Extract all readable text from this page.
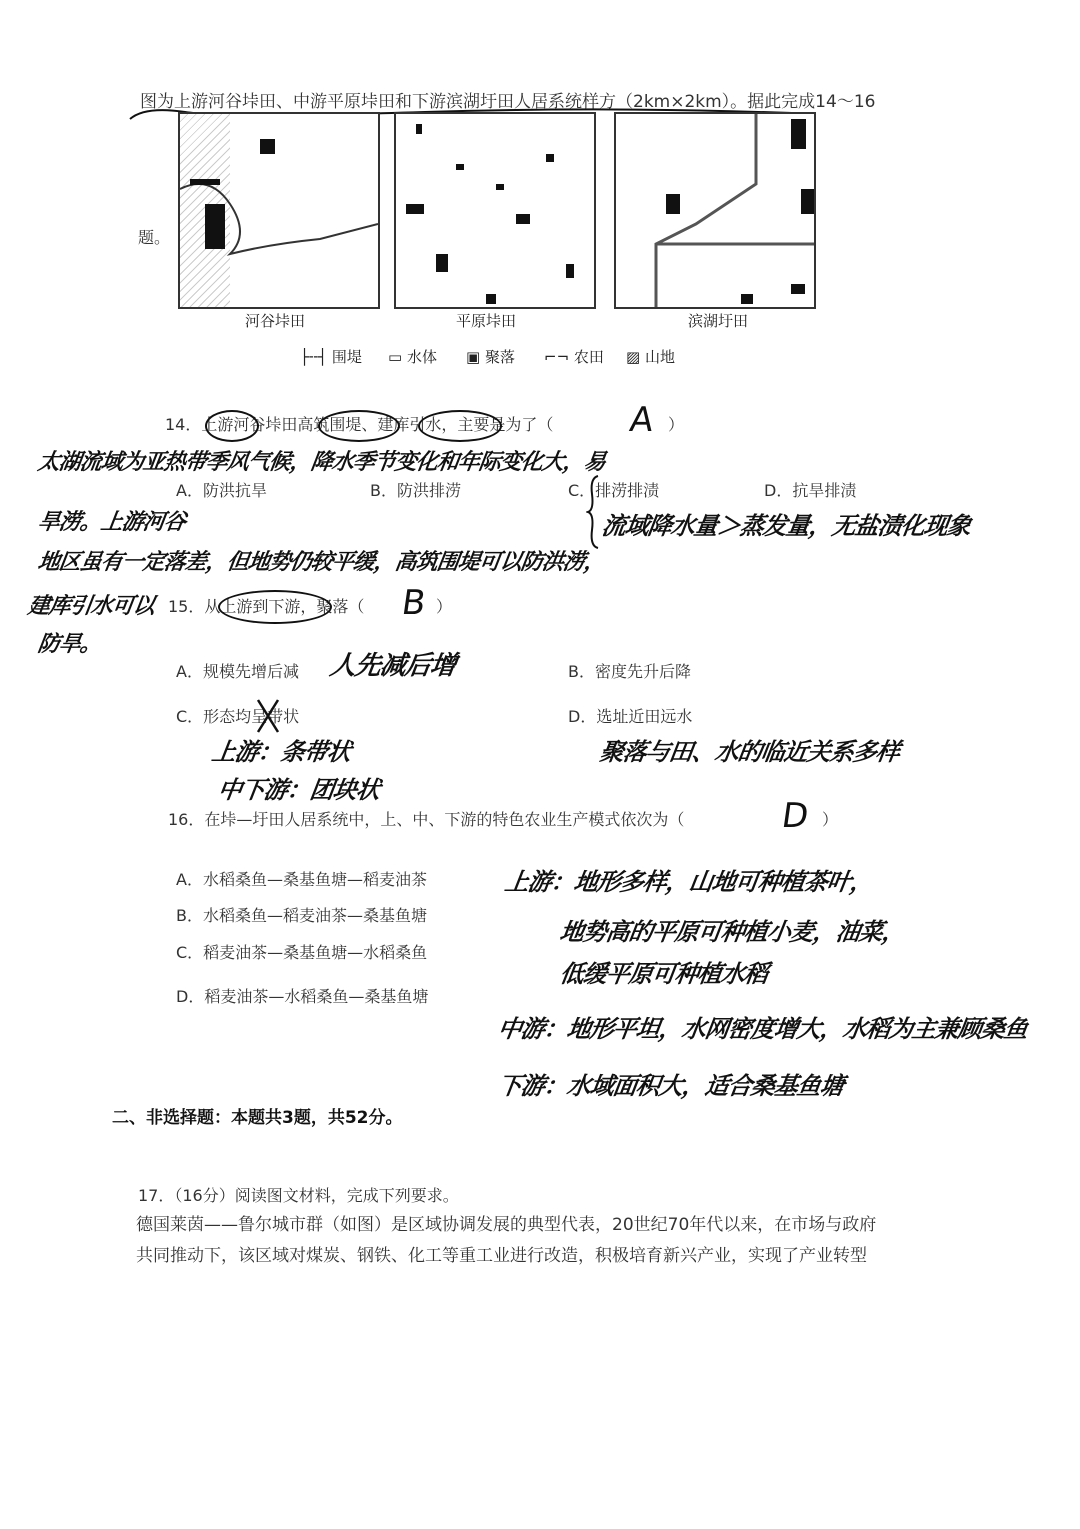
图为上游河谷垰田、中游平原垰田和下游滨湖圩田人居系统样方（2km×2km）。据此完成14～16
题。
河谷垰田	平原垰田	滨湖圩田
├╌┤ 围堤 ▭ 水体 ▣ 聚落 ⌐¬ 农田 ▨ 山地
14．上游河谷垰田高筑围堤、建库引水，主要是为了（ A ）
太湖流域为亚热带季风气候，降水季节变化和年际变化大，易
A．防洪抗旱	B．防洪排涝	C．排涝排渍	D．抗旱排渍
旱涝。上游河谷	流域降水量＞蒸发量，无盐渍化现象
地区虽有一定落差，但地势仍较平缓，高筑围堤可以防洪涝，
建库引水可以
防旱。
15．从上游到下游，聚落（ B ）
A．规模先增后减 人先减后增	B．密度先升后降
C．形态均呈带状	D．选址近田远水
上游：条带状
中下游：团块状
聚落与田、水的临近关系多样
16．在垰—圩田人居系统中，上、中、下游的特色农业生产模式依次为（	D ）
A．水稻桑鱼—桑基鱼塘—稻麦油茶
B．水稻桑鱼—稻麦油茶—桑基鱼塘
C．稻麦油茶—桑基鱼塘—水稻桑鱼
D．稻麦油茶—水稻桑鱼—桑基鱼塘
上游：地形多样，山地可种植茶叶，
地势高的平原可种植小麦，油菜，
低缓平原可种植水稻
中游：地形平坦，水网密度增大，水稻为主兼顾桑鱼
下游：水域面积大，适合桑基鱼塘
二、非选择题：本题共3题，共52分。
17．（16分）阅读图文材料，完成下列要求。
德国莱茵——鲁尔城市群（如图）是区域协调发展的典型代表，20世纪70年代以来，在市场与政府
共同推动下，该区域对煤炭、钢铁、化工等重工业进行改造，积极培育新兴产业，实现了产业转型
